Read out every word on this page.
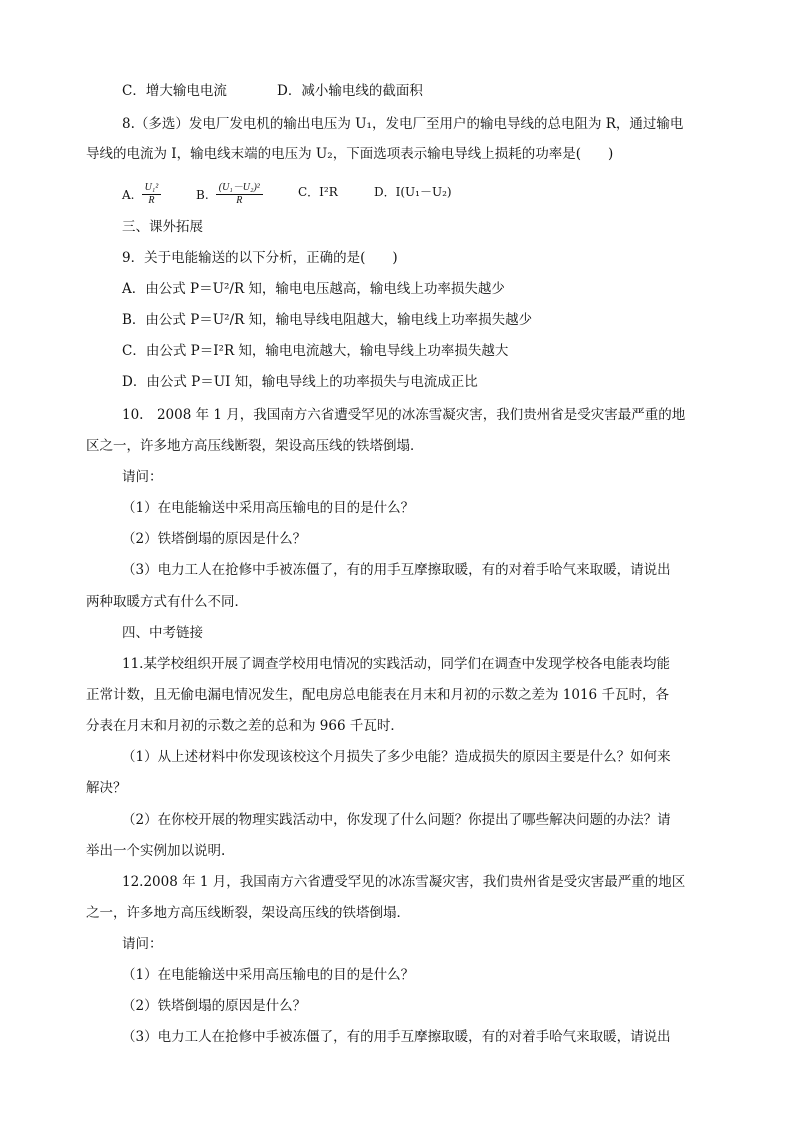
C．增大输电电流	D．减小输电线的截面积
8.（多选）发电厂发电机的输出电压为 U₁，发电厂至用户的输电导线的总电阻为 R，通过输电
导线的电流为 I，输电线末端的电压为 U₂，下面选项表示输电导线上损耗的功率是(　　)
A. $\frac{\text{U₁²}}{R}$	B. $\frac{\text{(U₁－U₂)²}}{R}$	C．I²R	D．I(U₁－U₂)
三、课外拓展
9．关于电能输送的以下分析，正确的是(　　)
A．由公式 P＝U²/R 知，输电电压越高，输电线上功率损失越少
B．由公式 P＝U²/R 知，输电导线电阻越大，输电线上功率损失越少
C．由公式 P＝I²R 知，输电电流越大，输电导线上功率损失越大
D．由公式 P＝UI 知，输电导线上的功率损失与电流成正比
10.　2008 年 1 月，我国南方六省遭受罕见的冰冻雪凝灾害，我们贵州省是受灾害最严重的地
区之一，许多地方高压线断裂，架设高压线的铁塔倒塌．
请问：
（1）在电能输送中采用高压输电的目的是什么？
（2）铁塔倒塌的原因是什么？
（3）电力工人在抢修中手被冻僵了，有的用手互摩擦取暖，有的对着手哈气来取暖，请说出
两种取暖方式有什么不同．
四、中考链接
11.某学校组织开展了调查学校用电情况的实践活动，同学们在调查中发现学校各电能表均能
正常计数，且无偷电漏电情况发生，配电房总电能表在月末和月初的示数之差为 1016 千瓦时，各
分表在月末和月初的示数之差的总和为 966 千瓦时．
（1）从上述材料中你发现该校这个月损失了多少电能？造成损失的原因主要是什么？如何来
解决？
（2）在你校开展的物理实践活动中，你发现了什么问题？你提出了哪些解决问题的办法？请
举出一个实例加以说明.
12.2008 年 1 月，我国南方六省遭受罕见的冰冻雪凝灾害，我们贵州省是受灾害最严重的地区
之一，许多地方高压线断裂，架设高压线的铁塔倒塌．
请问：
（1）在电能输送中采用高压输电的目的是什么？
（2）铁塔倒塌的原因是什么？
（3）电力工人在抢修中手被冻僵了，有的用手互摩擦取暖，有的对着手哈气来取暖，请说出
